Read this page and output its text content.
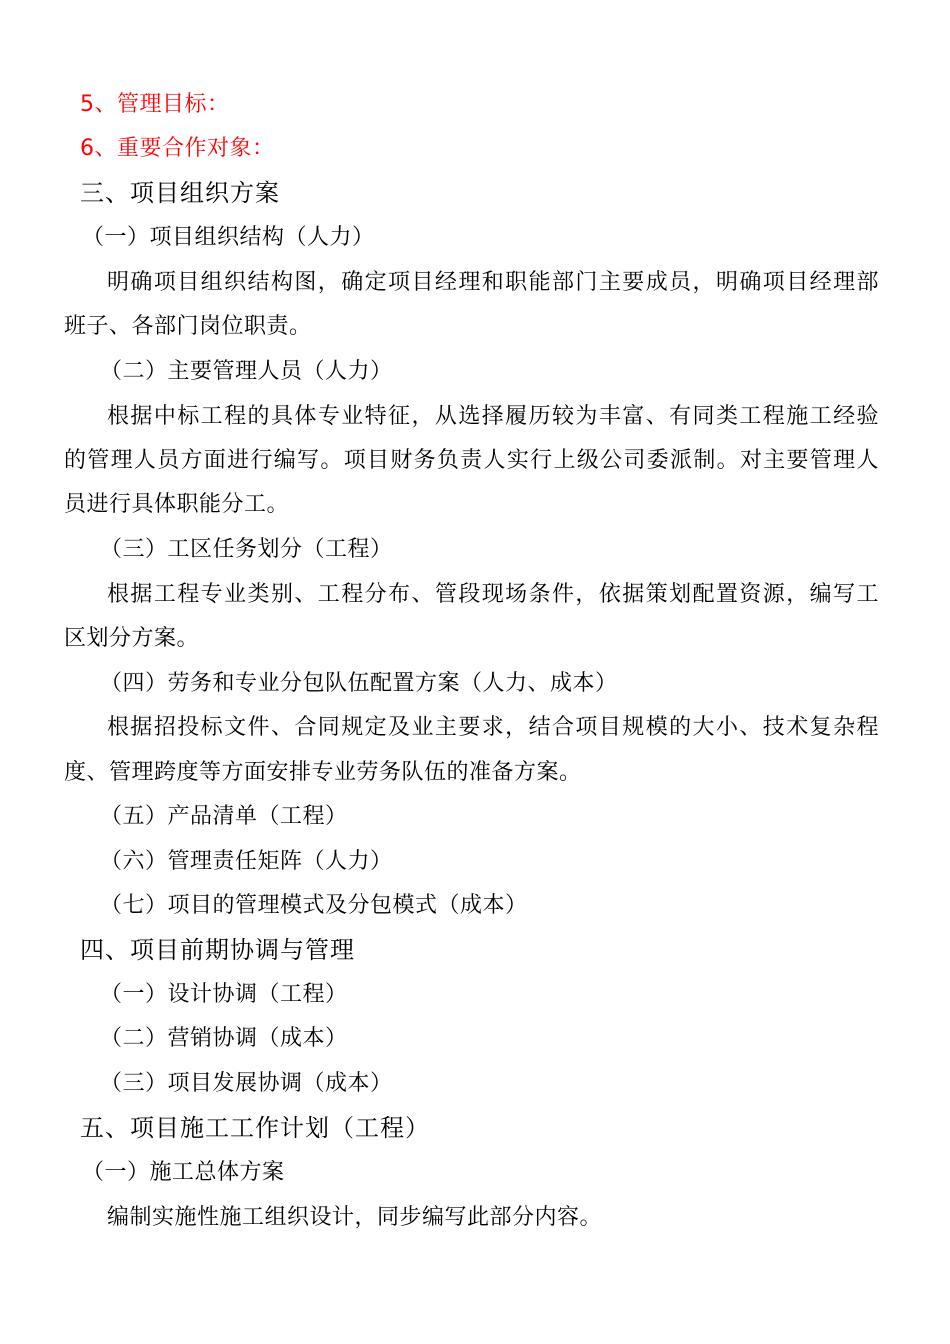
5、管理目标：
6、重要合作对象：
三、项目组织方案
（一）项目组织结构（人力）
明确项目组织结构图，确定项目经理和职能部门主要成员，明确项目经理部
班子、各部门岗位职责。
（二）主要管理人员（人力）
根据中标工程的具体专业特征，从选择履历较为丰富、有同类工程施工经验
的管理人员方面进行编写。项目财务负责人实行上级公司委派制。对主要管理人
员进行具体职能分工。
（三）工区任务划分（工程）
根据工程专业类别、工程分布、管段现场条件，依据策划配置资源，编写工
区划分方案。
（四）劳务和专业分包队伍配置方案（人力、成本）
根据招投标文件、合同规定及业主要求，结合项目规模的大小、技术复杂程
度、管理跨度等方面安排专业劳务队伍的准备方案。
（五）产品清单（工程）
（六）管理责任矩阵（人力）
（七）项目的管理模式及分包模式（成本）
四、项目前期协调与管理
（一）设计协调（工程）
（二）营销协调（成本）
（三）项目发展协调（成本）
五、项目施工工作计划（工程）
（一）施工总体方案
编制实施性施工组织设计，同步编写此部分内容。
